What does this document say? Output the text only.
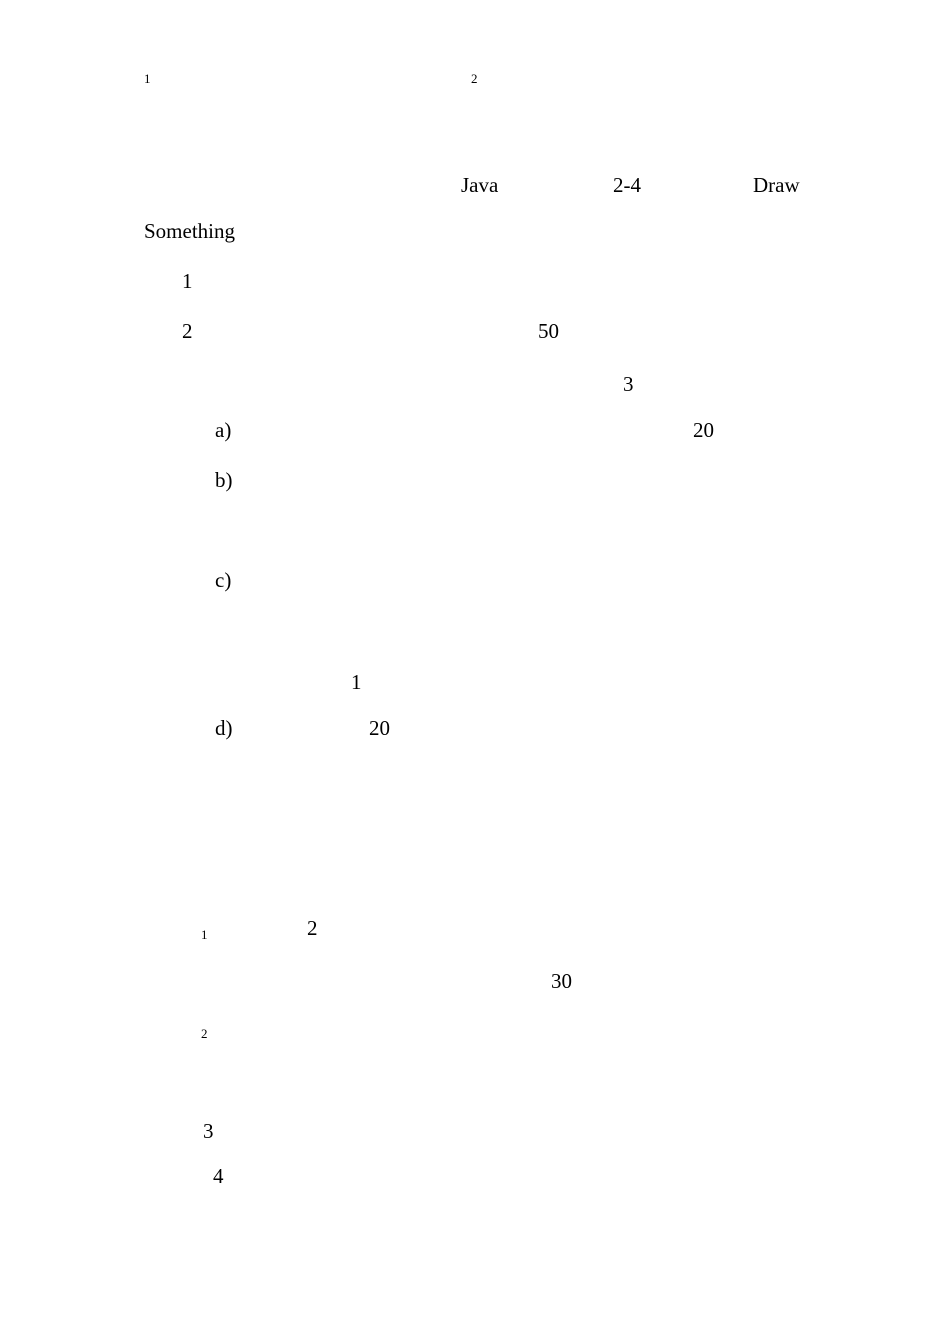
1	2
Java	2-4	Draw
Something
1
2	50
3
a)	20
b)
c)
1
d)	20
1	2
30
2
3
4
